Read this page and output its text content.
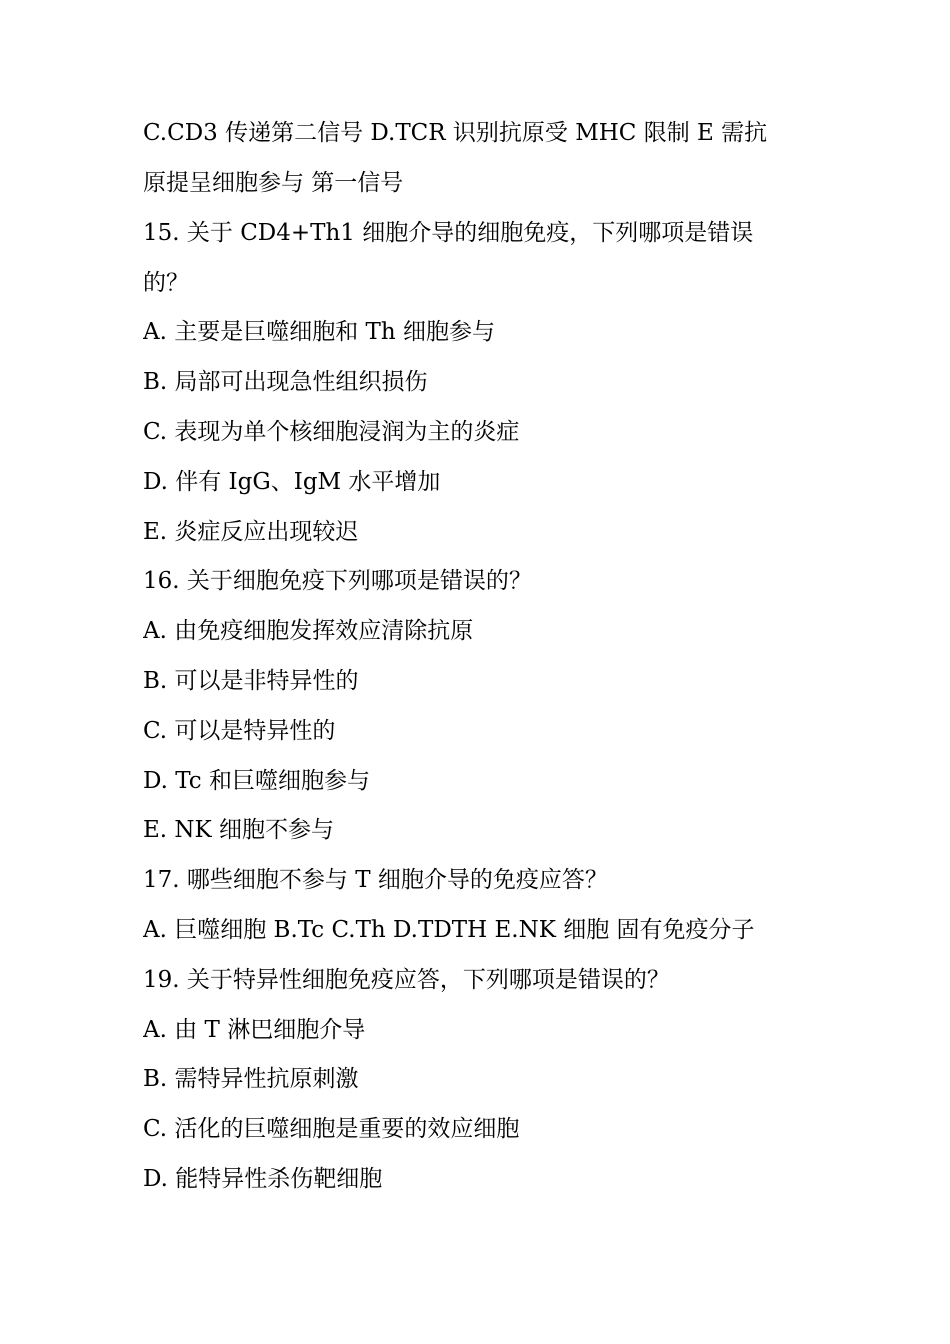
C.CD3 传递第二信号 D.TCR 识别抗原受 MHC 限制 E 需抗
原提呈细胞参与 第一信号
15. 关于 CD4+Th1 细胞介导的细胞免疫，下列哪项是错误
的？
A. 主要是巨噬细胞和 Th 细胞参与
B. 局部可出现急性组织损伤
C. 表现为单个核细胞浸润为主的炎症
D. 伴有 IgG、IgM 水平增加
E. 炎症反应出现较迟
16. 关于细胞免疫下列哪项是错误的？
A. 由免疫细胞发挥效应清除抗原
B. 可以是非特异性的
C. 可以是特异性的
D. Tc 和巨噬细胞参与
E. NK 细胞不参与
17. 哪些细胞不参与 T 细胞介导的免疫应答？
A. 巨噬细胞 B.Tc C.Th D.TDTH E.NK 细胞 固有免疫分子
19. 关于特异性细胞免疫应答，下列哪项是错误的？
A. 由 T 淋巴细胞介导
B. 需特异性抗原刺激
C. 活化的巨噬细胞是重要的效应细胞
D. 能特异性杀伤靶细胞
